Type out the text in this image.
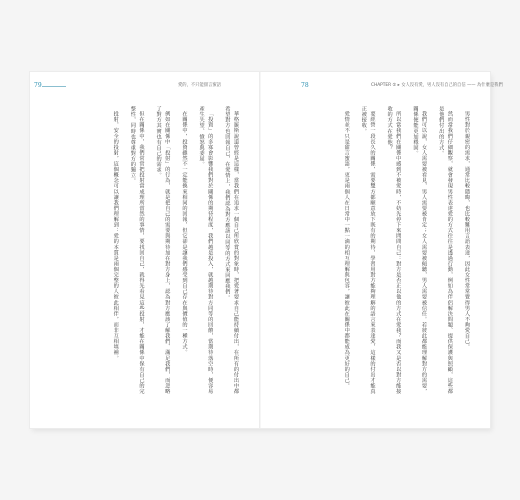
79	愛的，不只能甜言蜜語

華格羅斯說道曾經是這樣，當我們在追求一個自己所欣賞的對象時，把愛著要求自己能持續付出，在所有的付出中都希望對方也回報自己，在愛情上，我們認為對方應該以同等的方式來回應我們。

「投資」的多寡會影響我們對於關係的期待程度，我們越是投入，就越期待對方同等的回饋，當期待落空時，便容易產生失望、憤怒與委屈。

在關係中，投資雖然不一定能換來相同的回報，但它卻是讓我們感受到自己存在與價值的一種方式。

例如在關係中「投射」的行為，就是把自己的需要與期待加在對方身上，認為對方應該了解我們、滿足我們，而忽略了對方其實也有自己的需求。

但在關係中，我們常常把投射當成理所當然的事情，要找回自己，就得先看見這些投射，才能在關係中保有自己的完整性，同時也尊重對方的獨立。

投射，安全的投射，這個概念可以讓我們理解到：愛的本質是兩個完整的人彼此相伴，而非互相填補。

78	CHAPTER ② ▸ 女人沒有愛，男人沒有自己的自信 —— 為什麼是我們

男性對於親密的需求，通常比較隱晦，也比較難用言語表達，因此女性常常覺得男人不夠愛自己。

然而當我們仔細觀察，就會發現男性表達愛的方式往往是透過行動，例如為伴侶解決問題、提供保護與照顧，這些都是他們付出的方式。

我們可以說，女人需要被看見，男人需要被肯定；女人需要被傾聽，男人需要被信任。若彼此都能理解對方的需要，關係便能更加穩固。

所以當我們在關係中感到不被愛時，不妨先停下來問問自己：對方是否正以他的方式在愛我？而我又是否以對方能接收的方式在愛他？

要經營一段長久的關係，需要雙方都願意放下既有的期待，學習用對方能夠理解的語言來表達愛，這樣的付出才能真正被接收。

愛情並不只是甜言蜜語，更是兩個人在日常中一點一滴的相互理解與包容，讓彼此在關係中都能成為更好的自己。
